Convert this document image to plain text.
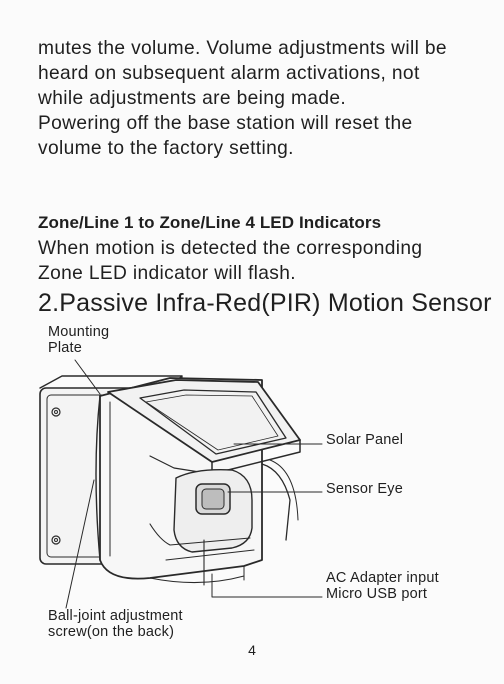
mutes the volume. Volume adjustments will be
heard on subsequent alarm activations, not
while adjustments are being made.
Powering off the base station will reset the
volume to the factory setting.

Zone/Line 1 to Zone/Line 4 LED Indicators

When motion is detected the corresponding
Zone LED indicator will flash.

2.Passive Infra-Red(PIR) Motion Sensor

Mounting
Plate

Solar Panel

Sensor Eye

AC Adapter input
Micro USB port

Ball-joint adjustment
screw(on the back)

4
